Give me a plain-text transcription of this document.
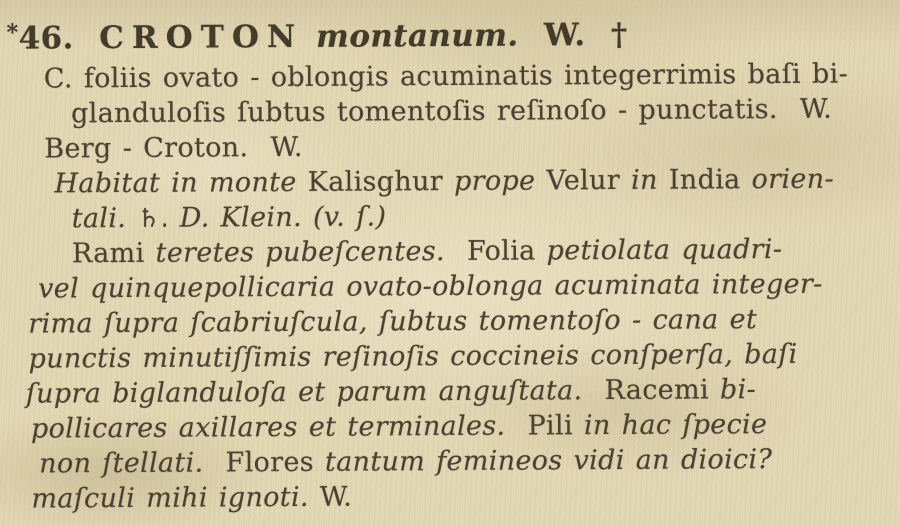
*46.  CROTON montanum.  W.  †
C. foliis ovato - oblongis acuminatis integerrimis baſi bi-
glanduloſis ſubtus tomentoſis reſinoſo - punctatis.  W.
Berg - Croton.  W.
Habitat in monte Kalisghur prope Velur in India orien-
tali. ♄. D. Klein. (v. ſ.)
Rami teretes pubeſcentes.  Folia petiolata quadri-
vel quinquepollicaria ovato-oblonga acuminata integer-
rima ſupra ſcabriuſcula, ſubtus tomentoſo - cana et
punctis minutiſſimis reſinoſis coccineis conſperſa, baſi
ſupra biglanduloſa et parum anguſtata.  Racemi bi-
pollicares axillares et terminales.  Pili in hac ſpecie
non ſtellati.  Flores tantum femineos vidi an dioici?
maſculi mihi ignoti. W.
